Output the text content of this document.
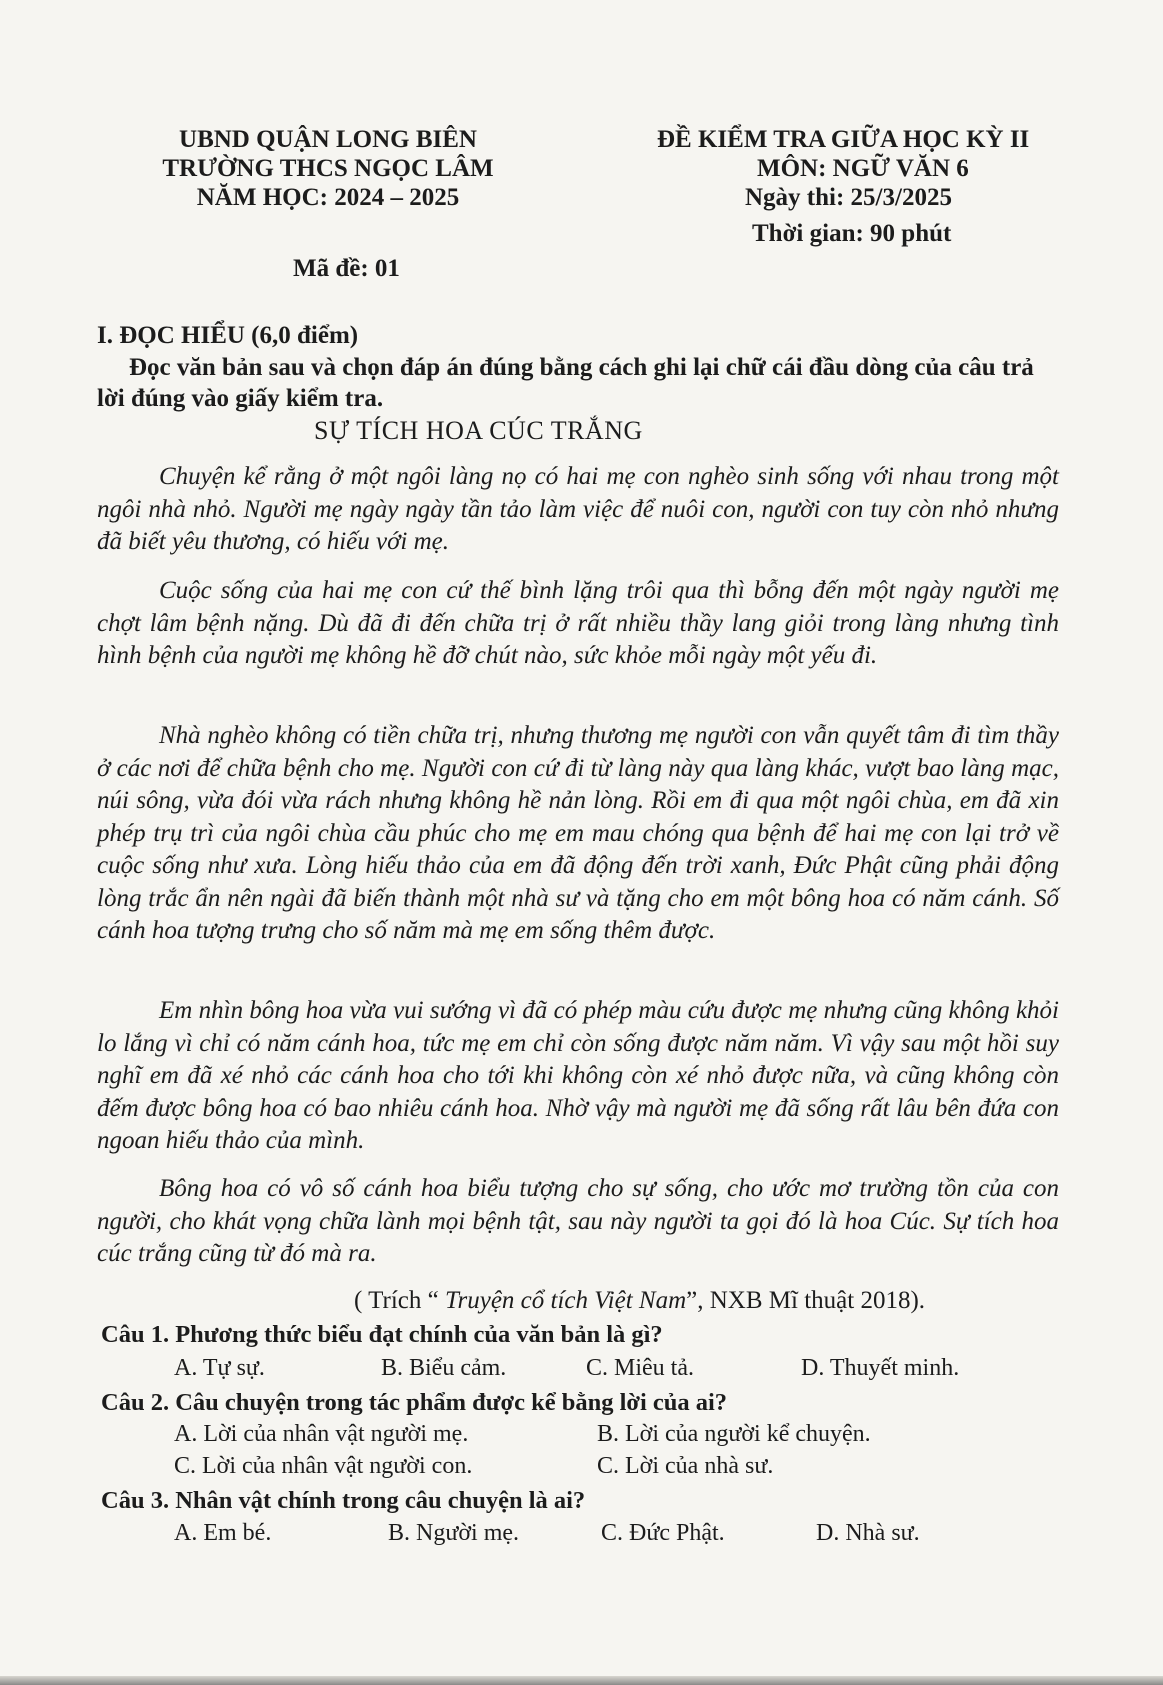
UBND QUẬN LONG BIÊN
TRƯỜNG THCS NGỌC LÂM
NĂM HỌC: 2024 – 2025
ĐỀ KIỂM TRA GIỮA HỌC KỲ II
MÔN: NGỮ VĂN 6
Ngày thi: 25/3/2025
Thời gian: 90 phút
Mã đề: 01
I. ĐỌC HIỂU (6,0 điểm)
Đọc văn bản sau và chọn đáp án đúng bằng cách ghi lại chữ cái đầu dòng của câu trả lời đúng vào giấy kiểm tra.
SỰ TÍCH HOA CÚC TRẮNG
Chuyện kể rằng ở một ngôi làng nọ có hai mẹ con nghèo sinh sống với nhau trong một ngôi nhà nhỏ. Người mẹ ngày ngày tần tảo làm việc để nuôi con, người con tuy còn nhỏ nhưng đã biết yêu thương, có hiếu với mẹ.
Cuộc sống của hai mẹ con cứ thế bình lặng trôi qua thì bỗng đến một ngày người mẹ chợt lâm bệnh nặng. Dù đã đi đến chữa trị ở rất nhiều thầy lang giỏi trong làng nhưng tình hình bệnh của người mẹ không hề đỡ chút nào, sức khỏe mỗi ngày một yếu đi.
Nhà nghèo không có tiền chữa trị, nhưng thương mẹ người con vẫn quyết tâm đi tìm thầy ở các nơi để chữa bệnh cho mẹ. Người con cứ đi từ làng này qua làng khác, vượt bao làng mạc, núi sông, vừa đói vừa rách nhưng không hề nản lòng. Rồi em đi qua một ngôi chùa, em đã xin phép trụ trì của ngôi chùa cầu phúc cho mẹ em mau chóng qua bệnh để hai mẹ con lại trở về cuộc sống như xưa. Lòng hiếu thảo của em đã động đến trời xanh, Đức Phật cũng phải động lòng trắc ẩn nên ngài đã biến thành một nhà sư và tặng cho em một bông hoa có năm cánh. Số cánh hoa tượng trưng cho số năm mà mẹ em sống thêm được.
Em nhìn bông hoa vừa vui sướng vì đã có phép màu cứu được mẹ nhưng cũng không khỏi lo lắng vì chỉ có năm cánh hoa, tức mẹ em chỉ còn sống được năm năm. Vì vậy sau một hồi suy nghĩ em đã xé nhỏ các cánh hoa cho tới khi không còn xé nhỏ được nữa, và cũng không còn đếm được bông hoa có bao nhiêu cánh hoa. Nhờ vậy mà người mẹ đã sống rất lâu bên đứa con ngoan hiếu thảo của mình.
Bông hoa có vô số cánh hoa biểu tượng cho sự sống, cho ước mơ trường tồn của con người, cho khát vọng chữa lành mọi bệnh tật, sau này người ta gọi đó là hoa Cúc. Sự tích hoa cúc trắng cũng từ đó mà ra.
( Trích “ Truyện cổ tích Việt Nam”, NXB Mĩ thuật 2018).
Câu 1. Phương thức biểu đạt chính của văn bản là gì?
A. Tự sự.	B. Biểu cảm.	C. Miêu tả.	D. Thuyết minh.
Câu 2. Câu chuyện trong tác phẩm được kể bằng lời của ai?
A. Lời của nhân vật người mẹ.	B. Lời của người kể chuyện.
C. Lời của nhân vật người con.	C. Lời của nhà sư.
Câu 3. Nhân vật chính trong câu chuyện là ai?
A. Em bé.	B. Người mẹ.	C. Đức Phật.	D. Nhà sư.
